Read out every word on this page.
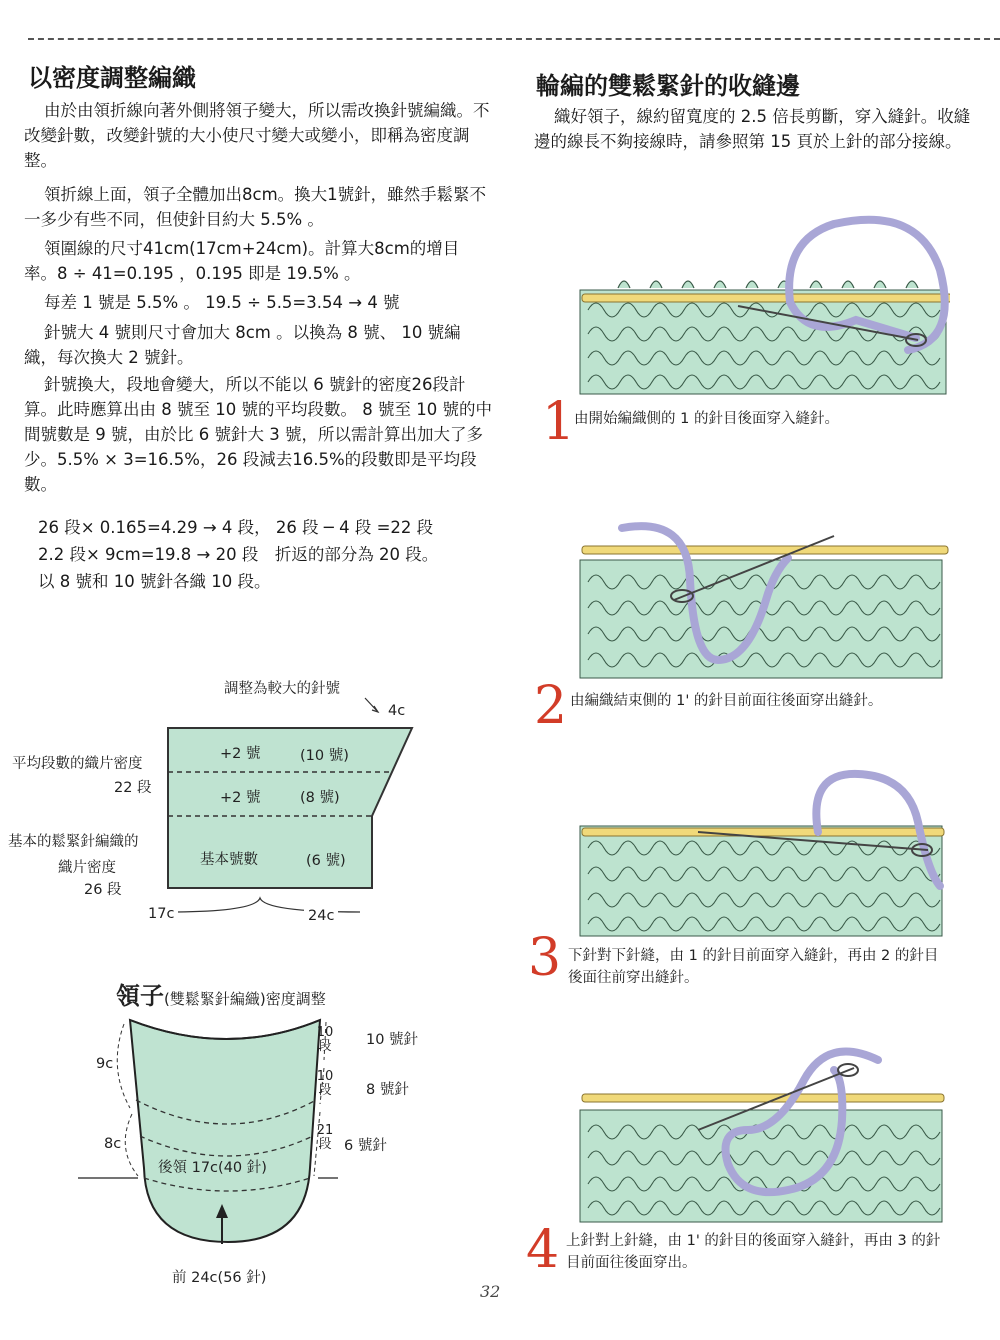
以密度調整編織
由於由領折線向著外側將領子變大，所以需改換針號編織。不改變針數，改變針號的大小使尺寸變大或變小，即稱為密度調整。
領折線上面，領子全體加出8cm。換大1號針，雖然手鬆緊不一多少有些不同，但使針目約大 5.5% 。
領圍線的尺寸41cm(17cm+24cm)。計算大8cm的增目率。8 ÷ 41=0.195 ，0.195 即是 19.5% 。
每差 1 號是 5.5% 。 19.5 ÷ 5.5=3.54 → 4 號
針號大 4 號則尺寸會加大 8cm 。以換為 8 號、 10 號編織，每次換大 2 號針。
針號換大，段地會變大，所以不能以 6 號針的密度26段計算。此時應算出由 8 號至 10 號的平均段數。 8 號至 10 號的中間號數是 9 號，由於比 6 號針大 3 號，所以需計算出加大了多少。5.5% × 3=16.5%，26 段減去16.5%的段數即是平均段數。
26 段× 0.165=4.29 → 4 段， 26 段 ─ 4 段 =22 段
2.2 段× 9cm=19.8 → 20 段　折返的部分為 20 段。
以 8 號和 10 號針各織 10 段。
調整為較大的針號
4c
+2 號	(10 號)
+2 號	(8 號)
基本號數	(6 號)
平均段數的織片密度
22 段
基本的鬆緊針編織的
織片密度
26 段
17c	24c
領子(雙鬆緊針編織)密度調整
9c
8c
後領 17c(40 針)
前 24c(56 針)
10 段 10 號針
10 段 8 號針
21 段 6 號針
輪編的雙鬆緊針的收縫邊
織好領子，線約留寬度的 2.5 倍長剪斷，穿入縫針。收縫邊的線長不夠接線時，請參照第 15 頁於上針的部分接線。
1
由開始編織側的 1 的針目後面穿入縫針。
2 由編織結束側的 1' 的針目前面往後面穿出縫針。
3 下針對下針縫，由 1 的針目前面穿入縫針，再由 2 的針目後面往前穿出縫針。
4 上針對上針縫，由 1' 的針目的後面穿入縫針，再由 3 的針目前面往後面穿出。
32
